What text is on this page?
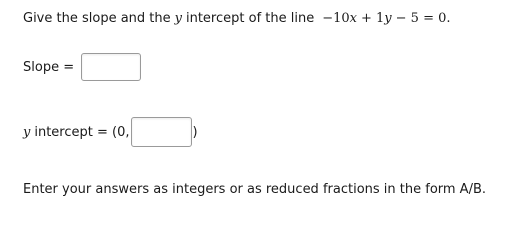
Give the slope and the y intercept of the line −10 x + 1 y − 5 = 0.
Slope =
y intercept = (0,	)
Enter your answers as integers or as reduced fractions in the form A/B.
